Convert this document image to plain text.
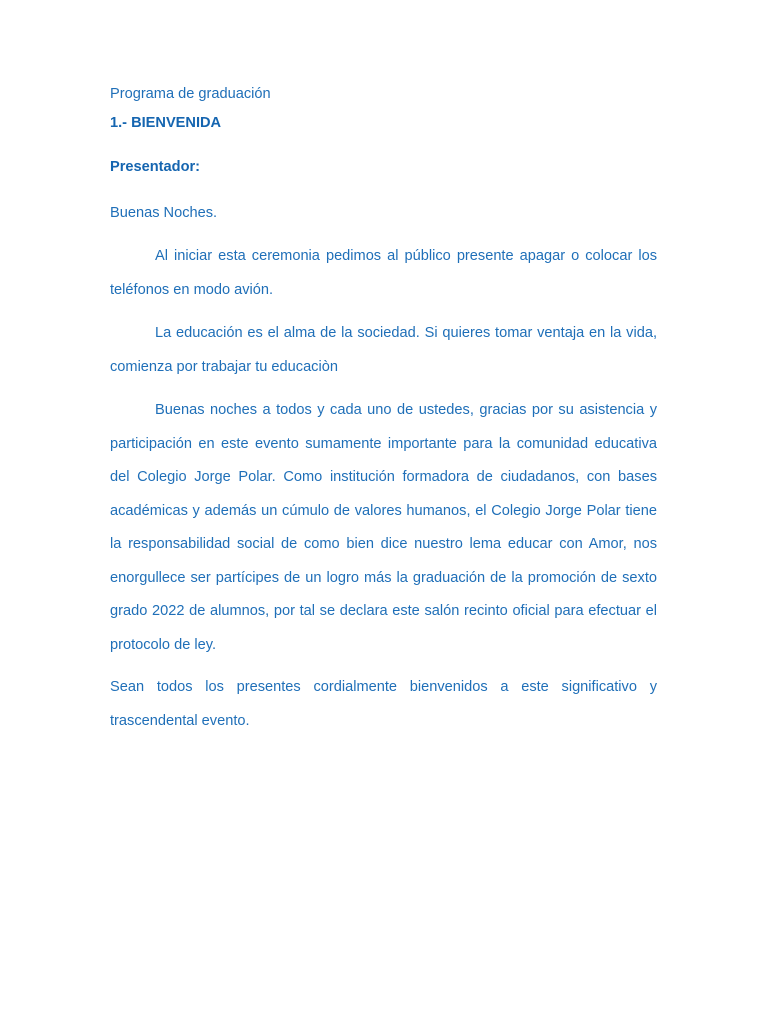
Programa de graduación

1.- BIENVENIDA

Presentador:

Buenas Noches.

Al iniciar esta ceremonia pedimos al público presente apagar o colocar los teléfonos en modo avión.

La educación es el alma de la sociedad. Si quieres tomar ventaja en la vida, comienza por trabajar tu educaciòn

Buenas noches a todos y cada uno de ustedes, gracias por su asistencia y participación en este evento sumamente importante para la comunidad educativa del Colegio Jorge Polar. Como institución formadora de ciudadanos, con bases académicas y además un cúmulo de valores humanos, el Colegio Jorge Polar tiene la responsabilidad social de como bien dice nuestro lema educar con Amor, nos enorgullece ser partícipes de un logro más la graduación de la promoción de sexto grado 2022 de alumnos, por tal se declara este salón recinto oficial para efectuar el protocolo de ley.

Sean todos los presentes cordialmente bienvenidos a este significativo y trascendental evento.
